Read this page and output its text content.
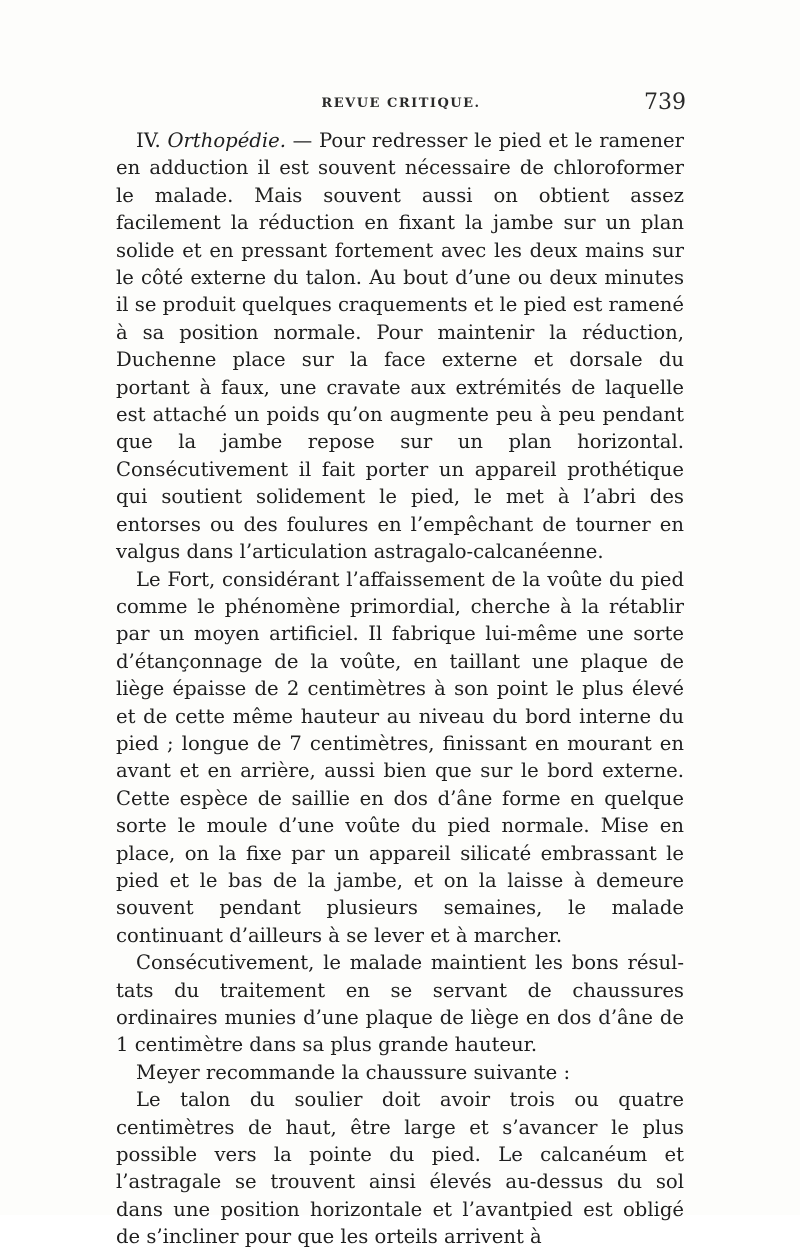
REVUE CRITIQUE.	739

IV. Orthopédie. — Pour redresser le pied et le ramener en adduction il est souvent nécessaire de chloroformer le malade. Mais souvent aussi on obtient assez facilement la réduction en fixant la jambe sur un plan solide et en pressant fortement avec les deux mains sur le côté externe du talon. Au bout d’une ou deux minutes il se produit quelques craquements et le pied est ramené à sa position normale. Pour maintenir la réduction, Duchenne place sur la face externe et dorsale du portant à faux, une cravate aux extrémités de laquelle est attaché un poids qu’on augmente peu à peu pendant que la jambe repose sur un plan horizontal. Consécutivement il fait porter un appareil prothétique qui soutient solidement le pied, le met à l’abri des entorses ou des foulures en l’empêchant de tourner en valgus dans l’articulation astragalo-calcanéenne.

Le Fort, considérant l’affaissement de la voûte du pied comme le phénomène primordial, cherche à la rétablir par un moyen artificiel. Il fabrique lui-même une sorte d’étançonnage de la voûte, en taillant une plaque de liège épaisse de 2 centimètres à son point le plus élevé et de cette même hauteur au niveau du bord interne du pied ; longue de 7 centimètres, finissant en mourant en avant et en arrière, aussi bien que sur le bord externe. Cette espèce de saillie en dos d’âne forme en quelque sorte le moule d’une voûte du pied normale. Mise en place, on la fixe par un appareil silicaté embrassant le pied et le bas de la jambe, et on la laisse à demeure souvent pendant plusieurs semaines, le malade continuant d’ailleurs à se lever et à marcher.

Consécutivement, le malade maintient les bons résultats du traitement en se servant de chaussures ordinaires munies d’une plaque de liège en dos d’âne de 1 centimètre dans sa plus grande hauteur.

Meyer recommande la chaussure suivante :

Le talon du soulier doit avoir trois ou quatre centimètres de haut, être large et s’avancer le plus possible vers la pointe du pied. Le calcanéum et l’astragale se trouvent ainsi élevés au-dessus du sol dans une position horizontale et l’avantpied est obligé de s’incliner pour que les orteils arrivent à
